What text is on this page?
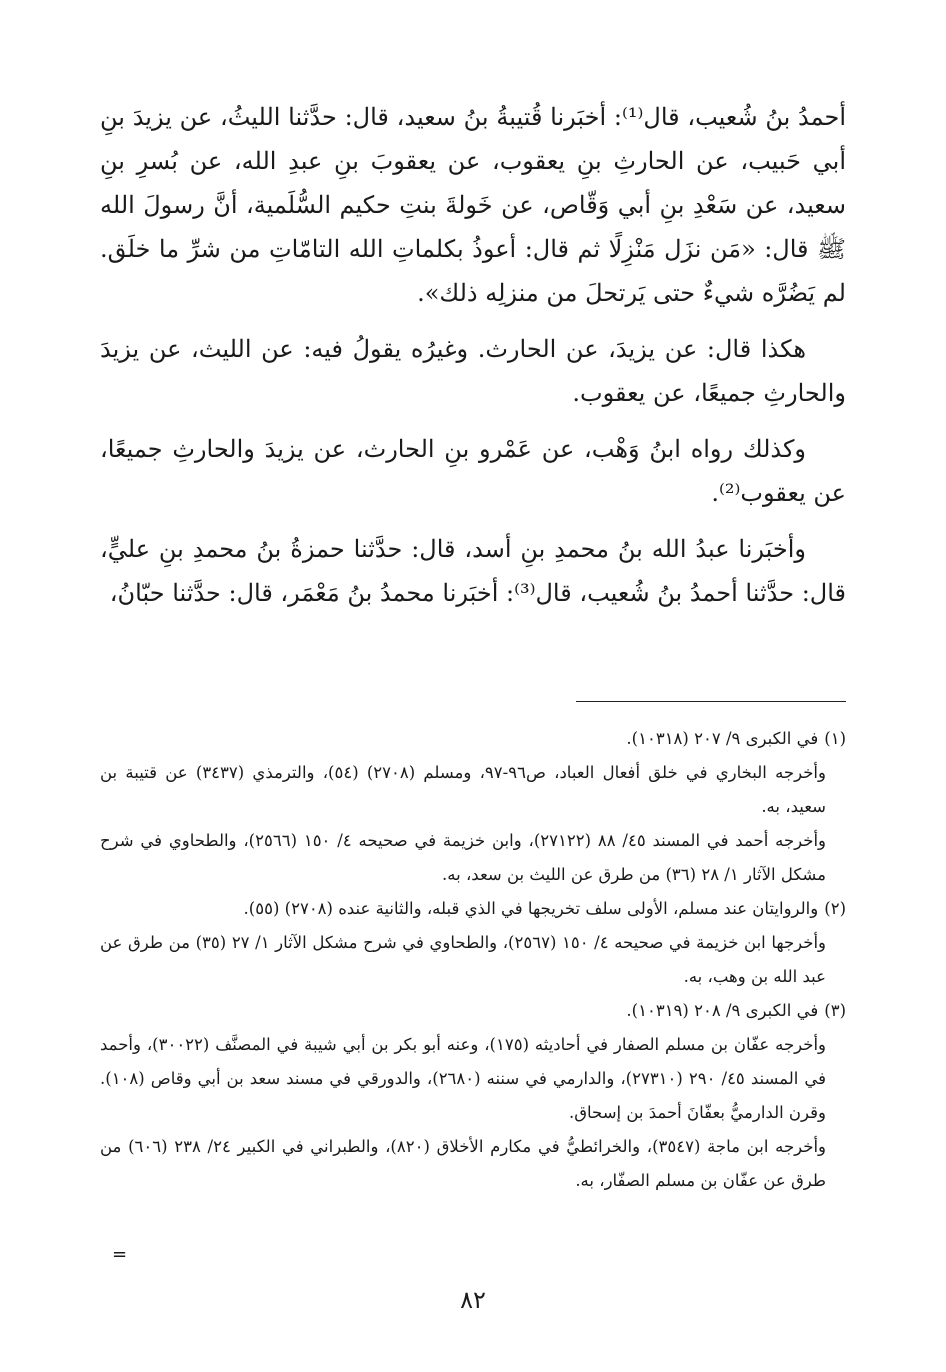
أحمدُ بنُ شُعيب، قال⁽¹⁾: أخبَرنا قُتيبةُ بنُ سعيد، قال: حدَّثنا الليثُ، عن يزيدَ بنِ أبي حَبيب، عن الحارثِ بنِ يعقوب، عن يعقوبَ بنِ عبدِ الله، عن بُسرِ بنِ سعيد، عن سَعْدِ بنِ أبي وَقّاص، عن خَولةَ بنتِ حكيم السُّلَمية، أنَّ رسولَ الله ﷺ قال: «مَن نزَل مَنْزِلًا ثم قال: أعوذُ بكلماتِ الله التامّاتِ من شرِّ ما خلَق. لم يَضُرَّه شيءٌ حتى يَرتحلَ من منزلِه ذلك».

هكذا قال: عن يزيدَ، عن الحارث. وغيرُه يقولُ فيه: عن الليث، عن يزيدَ والحارثِ جميعًا، عن يعقوب.

وكذلك رواه ابنُ وَهْب، عن عَمْرو بنِ الحارث، عن يزيدَ والحارثِ جميعًا، عن يعقوب⁽²⁾.

وأخبَرنا عبدُ الله بنُ محمدِ بنِ أسد، قال: حدَّثنا حمزةُ بنُ محمدِ بنِ عليٍّ، قال: حدَّثنا أحمدُ بنُ شُعيب، قال⁽³⁾: أخبَرنا محمدُ بنُ مَعْمَر، قال: حدَّثنا حبّانُ،

(١)في الكبرى ٩/ ٢٠٧ (١٠٣١٨).

وأخرجه البخاري في خلق أفعال العباد، ص٩٦-٩٧، ومسلم (٢٧٠٨) (٥٤)، والترمذي (٣٤٣٧) عن قتيبة بن سعيد، به.

وأخرجه أحمد في المسند ٤٥/ ٨٨ (٢٧١٢٢)، وابن خزيمة في صحيحه ٤/ ١٥٠ (٢٥٦٦)، والطحاوي في شرح مشكل الآثار ١/ ٢٨ (٣٦) من طرق عن الليث بن سعد، به.

(٢)والروايتان عند مسلم، الأولى سلف تخريجها في الذي قبله، والثانية عنده (٢٧٠٨) (٥٥).

وأخرجها ابن خزيمة في صحيحه ٤/ ١٥٠ (٢٥٦٧)، والطحاوي في شرح مشكل الآثار ١/ ٢٧ (٣٥) من طرق عن عبد الله بن وهب، به.

(٣)في الكبرى ٩/ ٢٠٨ (١٠٣١٩).

وأخرجه عفّان بن مسلم الصفار في أحاديثه (١٧٥)، وعنه أبو بكر بن أبي شيبة في المصنَّف (٣٠٠٢٢)، وأحمد في المسند ٤٥/ ٢٩٠ (٢٧٣١٠)، والدارمي في سننه (٢٦٨٠)، والدورقي في مسند سعد بن أبي وقاص (١٠٨). وقرن الدارميُّ بعفّانَ أحمدَ بن إسحاق.

وأخرجه ابن ماجة (٣٥٤٧)، والخرائطيُّ في مكارم الأخلاق (٨٢٠)، والطبراني في الكبير ٢٤/ ٢٣٨ (٦٠٦) من طرق عن عفّان بن مسلم الصفّار، به.

=
٨٢
